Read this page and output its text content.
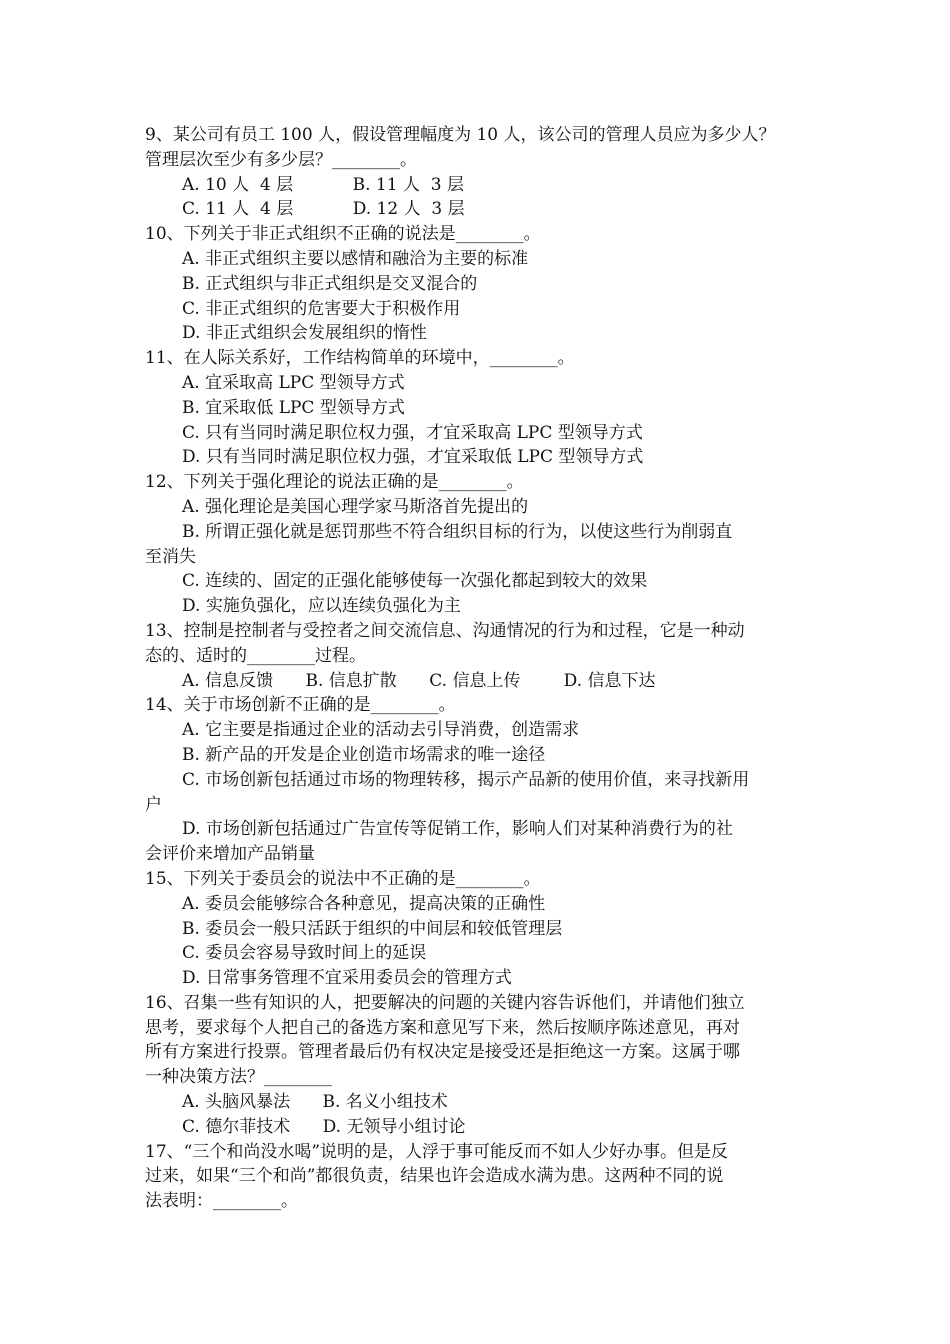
9、某公司有员工 100 人，假设管理幅度为 10 人，该公司的管理人员应为多少人？
管理层次至少有多少层？________。
A. 10 人  4 层           B. 11 人  3 层
C. 11 人  4 层           D. 12 人  3 层
10、下列关于非正式组织不正确的说法是________。
A. 非正式组织主要以感情和融洽为主要的标准
B. 正式组织与非正式组织是交叉混合的
C. 非正式组织的危害要大于积极作用
D. 非正式组织会发展组织的惰性
11、在人际关系好，工作结构简单的环境中，________。
A. 宜采取高 LPC 型领导方式
B. 宜采取低 LPC 型领导方式
C. 只有当同时满足职位权力强，才宜采取高 LPC 型领导方式
D. 只有当同时满足职位权力强，才宜采取低 LPC 型领导方式
12、下列关于强化理论的说法正确的是________。
A. 强化理论是美国心理学家马斯洛首先提出的
B. 所谓正强化就是惩罚那些不符合组织目标的行为，以使这些行为削弱直
至消失
C. 连续的、固定的正强化能够使每一次强化都起到较大的效果
D. 实施负强化，应以连续负强化为主
13、控制是控制者与受控者之间交流信息、沟通情况的行为和过程，它是一种动
态的、适时的________过程。
A. 信息反馈      B. 信息扩散      C. 信息上传        D. 信息下达
14、关于市场创新不正确的是________。
A. 它主要是指通过企业的活动去引导消费，创造需求
B. 新产品的开发是企业创造市场需求的唯一途径
C. 市场创新包括通过市场的物理转移，揭示产品新的使用价值，来寻找新用
户
D. 市场创新包括通过广告宣传等促销工作，影响人们对某种消费行为的社
会评价来增加产品销量
15、下列关于委员会的说法中不正确的是________。
A. 委员会能够综合各种意见，提高决策的正确性
B. 委员会一般只活跃于组织的中间层和较低管理层
C. 委员会容易导致时间上的延误
D. 日常事务管理不宜采用委员会的管理方式
16、召集一些有知识的人，把要解决的问题的关键内容告诉他们，并请他们独立
思考，要求每个人把自己的备选方案和意见写下来，然后按顺序陈述意见，再对
所有方案进行投票。管理者最后仍有权决定是接受还是拒绝这一方案。这属于哪
一种决策方法？________
A. 头脑风暴法      B. 名义小组技术
C. 德尔菲技术      D. 无领导小组讨论
17、“三个和尚没水喝”说明的是，人浮于事可能反而不如人少好办事。但是反
过来，如果“三个和尚”都很负责，结果也许会造成水满为患。这两种不同的说
法表明：________。
